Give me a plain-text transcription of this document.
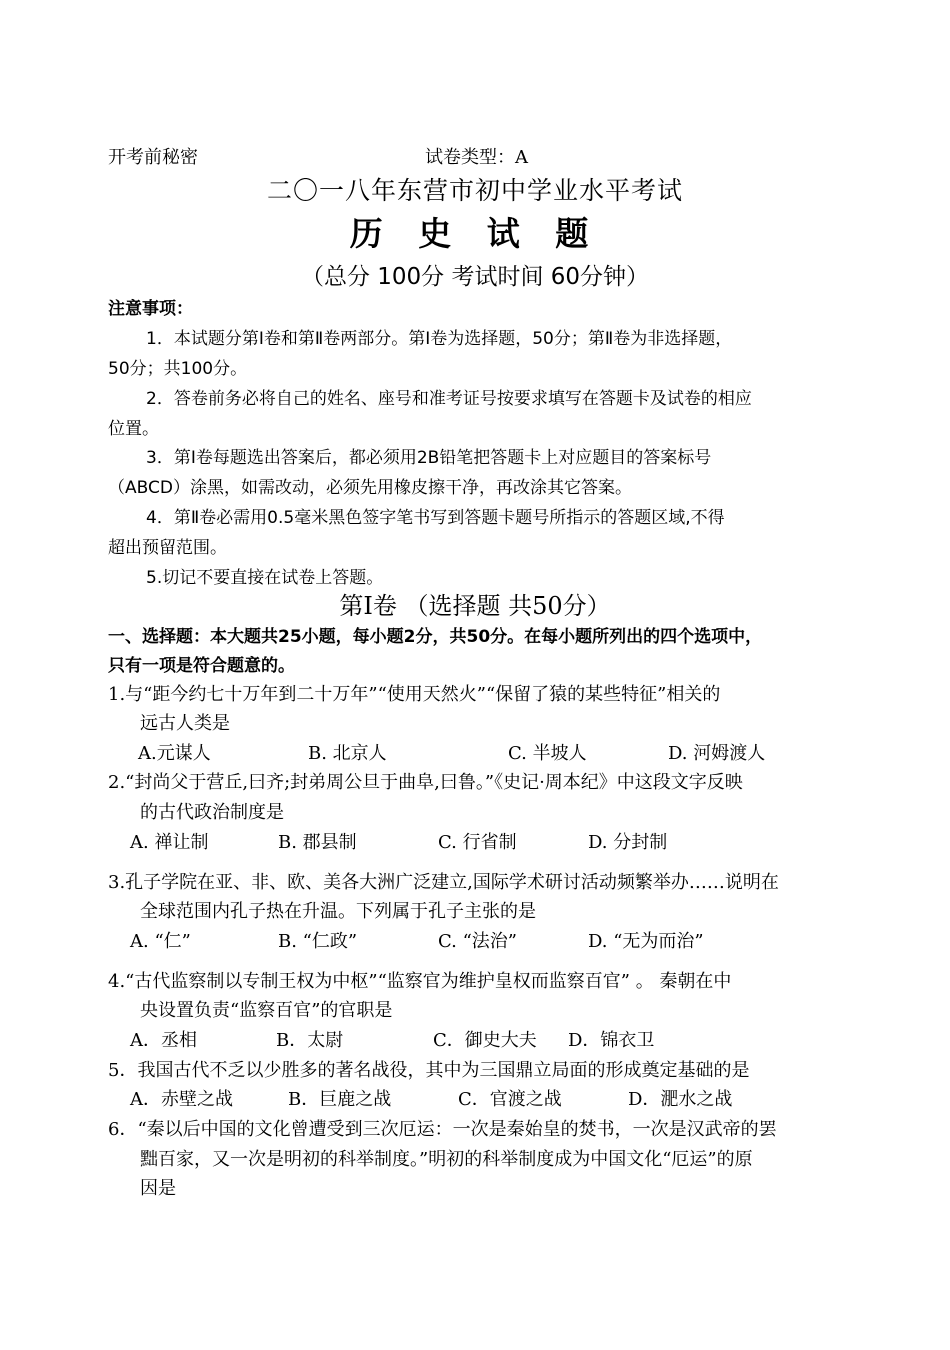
开考前秘密	试卷类型：A
二〇一八年东营市初中学业水平考试
历 史 试 题
（总分 100分 考试时间 60分钟）
注意事项：
1．本试题分第Ⅰ卷和第Ⅱ卷两部分。第Ⅰ卷为选择题，50分；第Ⅱ卷为非选择题，
50分；共100分。
2．答卷前务必将自己的姓名、座号和准考证号按要求填写在答题卡及试卷的相应
位置。
3．第Ⅰ卷每题选出答案后，都必须用2B铅笔把答题卡上对应题目的答案标号
（ABCD）涂黑，如需改动，必须先用橡皮擦干净，再改涂其它答案。
4．第Ⅱ卷必需用0.5毫米黑色签字笔书写到答题卡题号所指示的答题区域,不得
超出预留范围。
5.切记不要直接在试卷上答题。
第Ⅰ卷 （选择题 共50分）
一、选择题：本大题共25小题，每小题2分，共50分。在每小题所列出的四个选项中，
只有一项是符合题意的。
1.与“距今约七十万年到二十万年”“使用天然火”“保留了猿的某些特征”相关的
远古人类是
A.元谋人	B. 北京人	C. 半坡人	D. 河姆渡人
2.“封尚父于营丘,曰齐;封弟周公旦于曲阜,曰鲁。”《史记·周本纪》中这段文字反映
的古代政治制度是
A. 禅让制	B. 郡县制	C. 行省制	D. 分封制
3.孔子学院在亚、非、欧、美各大洲广泛建立,国际学术研讨活动频繁举办……说明在
全球范围内孔子热在升温。下列属于孔子主张的是
A. “仁”	B. “仁政”	C. “法治”	D. “无为而治”
4.“古代监察制以专制王权为中枢”“监察官为维护皇权而监察百官” 。 秦朝在中
央设置负责“监察百官”的官职是
A．丞相	B．太尉	C．御史大夫 D．锦衣卫
5．我国古代不乏以少胜多的著名战役，其中为三国鼎立局面的形成奠定基础的是
A．赤壁之战	B．巨鹿之战	C．官渡之战	D．淝水之战
6．“秦以后中国的文化曾遭受到三次厄运：一次是秦始皇的焚书，一次是汉武帝的罢
黜百家，又一次是明初的科举制度。”明初的科举制度成为中国文化“厄运”的原
因是
